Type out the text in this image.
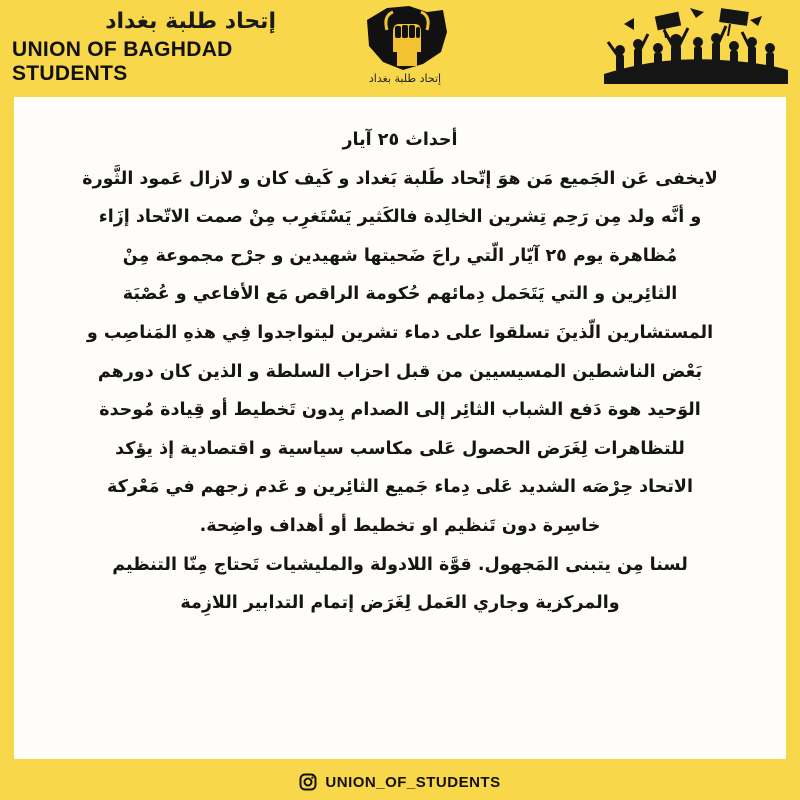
إتحاد طلبة بغداد
UNION OF BAGHDAD STUDENTS	إتحاد طلبة بغداد
أحداث ٢٥ آيار
لايخفى عَن الجَميع مَن هوَ إتّحاد طَلبة بَغداد و كَيف كان و لازال عَمود الثَّورة
و أنَّه ولد مِن رَحِم تِشرين الخالِدة فالكَثير يَسْتَغرِب مِنْ صمت الاتّحاد إزَاء
مُظاهرة يوم ٢٥ آيّار الّتي راحَ ضَحيتها شهيدين و جرْح مجموعة مِنْ
الثائِرين و التي يَتَحَمل دِمائهم حُكومة الراقص مَع الأفاعي و عُصْبَة
المستشارين الّذينَ تسلقوا على دماء تشرين ليتواجدوا فِي هذهِ المَناصِب و
بَعْض الناشطين المسيسيين من قبل احزاب السلطة و الذين كان دورهم
الوَحيد هوة دَفع الشباب الثائِر إلى الصدام بِدون تَخطيط أو قِيادة مُوحدة
للتظاهرات لِغَرَض الحصول عَلى مكاسب سياسية و اقتصادية إذ يؤكد
الاتحاد حِرْصَه الشديد عَلى دِماء جَميع الثائِرين و عَدم زجهم في مَعْركة
خاسِرة دون تَنظيم او تخطيط أو أهداف واضِحة.
لسنا مِن يتبنى المَجهول. قوَّة اللادولة والمليشيات تَحتاج مِنّا التنظيم
والمركزية وجاري العَمل لِغَرَض إتمام التدابير اللازِمة
UNION_OF_STUDENTS
